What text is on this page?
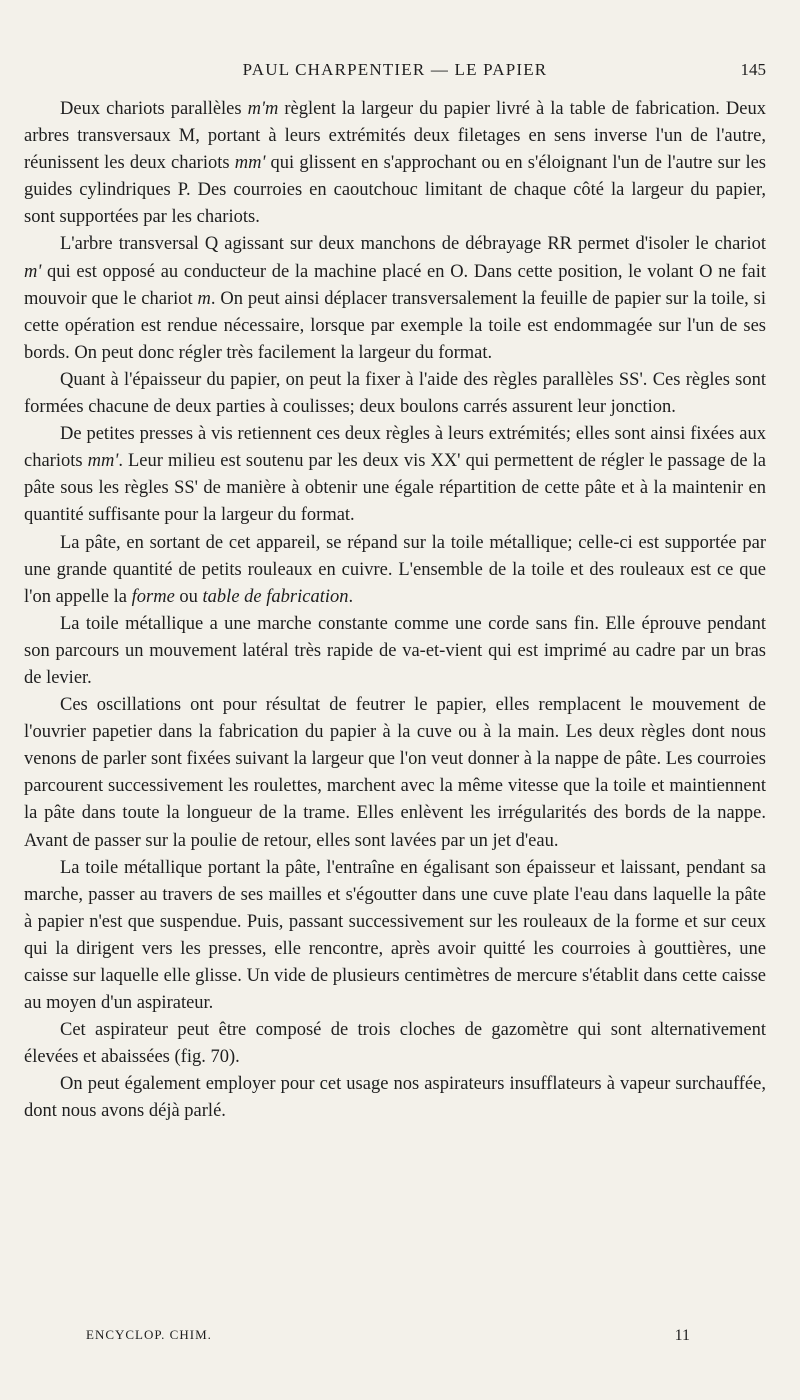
PAUL CHARPENTIER — LE PAPIER	145

Deux chariots parallèles m'm règlent la largeur du papier livré à la table de fabrication. Deux arbres transversaux M, portant à leurs extrémités deux filetages en sens inverse l'un de l'autre, réunissent les deux chariots mm' qui glissent en s'approchant ou en s'éloignant l'un de l'autre sur les guides cylindriques P. Des courroies en caoutchouc limitant de chaque côté la largeur du papier, sont supportées par les chariots.

L'arbre transversal Q agissant sur deux manchons de débrayage RR permet d'isoler le chariot m' qui est opposé au conducteur de la machine placé en O. Dans cette position, le volant O ne fait mouvoir que le chariot m. On peut ainsi déplacer transversalement la feuille de papier sur la toile, si cette opération est rendue nécessaire, lorsque par exemple la toile est endommagée sur l'un de ses bords. On peut donc régler très facilement la largeur du format.

Quant à l'épaisseur du papier, on peut la fixer à l'aide des règles parallèles SS'. Ces règles sont formées chacune de deux parties à coulisses; deux boulons carrés assurent leur jonction.

De petites presses à vis retiennent ces deux règles à leurs extrémités; elles sont ainsi fixées aux chariots mm'. Leur milieu est soutenu par les deux vis XX' qui permettent de régler le passage de la pâte sous les règles SS' de manière à obtenir une égale répartition de cette pâte et à la maintenir en quantité suffisante pour la largeur du format.

La pâte, en sortant de cet appareil, se répand sur la toile métallique; celle-ci est supportée par une grande quantité de petits rouleaux en cuivre. L'ensemble de la toile et des rouleaux est ce que l'on appelle la forme ou table de fabrication.

La toile métallique a une marche constante comme une corde sans fin. Elle éprouve pendant son parcours un mouvement latéral très rapide de va-et-vient qui est imprimé au cadre par un bras de levier.

Ces oscillations ont pour résultat de feutrer le papier, elles remplacent le mouvement de l'ouvrier papetier dans la fabrication du papier à la cuve ou à la main. Les deux règles dont nous venons de parler sont fixées suivant la largeur que l'on veut donner à la nappe de pâte. Les courroies parcourent successivement les roulettes, marchent avec la même vitesse que la toile et maintiennent la pâte dans toute la longueur de la trame. Elles enlèvent les irrégularités des bords de la nappe. Avant de passer sur la poulie de retour, elles sont lavées par un jet d'eau.

La toile métallique portant la pâte, l'entraîne en égalisant son épaisseur et laissant, pendant sa marche, passer au travers de ses mailles et s'égoutter dans une cuve plate l'eau dans laquelle la pâte à papier n'est que suspendue. Puis, passant successivement sur les rouleaux de la forme et sur ceux qui la dirigent vers les presses, elle rencontre, après avoir quitté les courroies à gouttières, une caisse sur laquelle elle glisse. Un vide de plusieurs centimètres de mercure s'établit dans cette caisse au moyen d'un aspirateur.

Cet aspirateur peut être composé de trois cloches de gazomètre qui sont alternativement élevées et abaissées (fig. 70).

On peut également employer pour cet usage nos aspirateurs insufflateurs à vapeur surchauffée, dont nous avons déjà parlé.

ENCYCLOP. CHIM.	11
